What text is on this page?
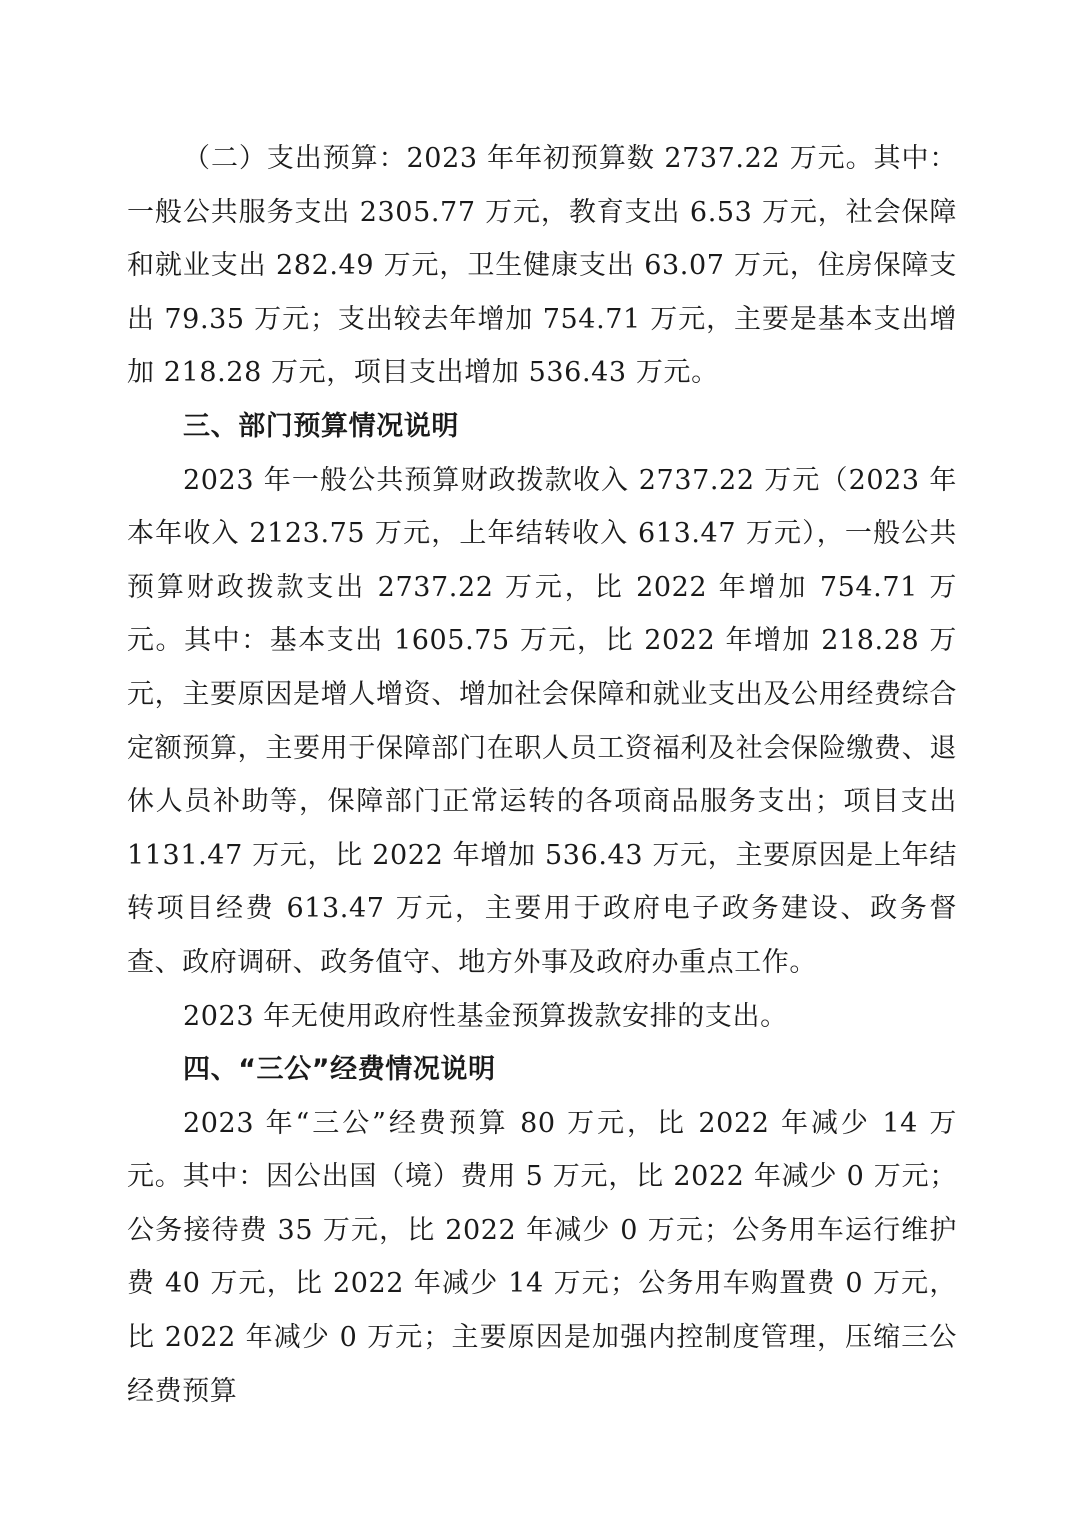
（二）支出预算：2023 年年初预算数 2737.22 万元。其中：一般公共服务支出 2305.77 万元，教育支出 6.53 万元，社会保障和就业支出 282.49 万元，卫生健康支出 63.07 万元，住房保障支出 79.35 万元；支出较去年增加 754.71 万元，主要是基本支出增加 218.28 万元，项目支出增加 536.43 万元。

三、部门预算情况说明

2023 年一般公共预算财政拨款收入 2737.22 万元（2023 年本年收入 2123.75 万元，上年结转收入 613.47 万元），一般公共预算财政拨款支出 2737.22 万元，比 2022 年增加 754.71 万元。其中：基本支出 1605.75 万元，比 2022 年增加 218.28 万元，主要原因是增人增资、增加社会保障和就业支出及公用经费综合定额预算，主要用于保障部门在职人员工资福利及社会保险缴费、退休人员补助等，保障部门正常运转的各项商品服务支出；项目支出 1131.47 万元，比 2022 年增加 536.43 万元，主要原因是上年结转项目经费 613.47 万元，主要用于政府电子政务建设、政务督查、政府调研、政务值守、地方外事及政府办重点工作。

2023 年无使用政府性基金预算拨款安排的支出。

四、“三公”经费情况说明

2023 年“三公”经费预算 80 万元，比 2022 年减少 14 万元。其中：因公出国（境）费用 5 万元，比 2022 年减少 0 万元；公务接待费 35 万元，比 2022 年减少 0 万元；公务用车运行维护费 40 万元，比 2022 年减少 14 万元；公务用车购置费 0 万元，比 2022 年减少 0 万元；主要原因是加强内控制度管理，压缩三公经费预算
